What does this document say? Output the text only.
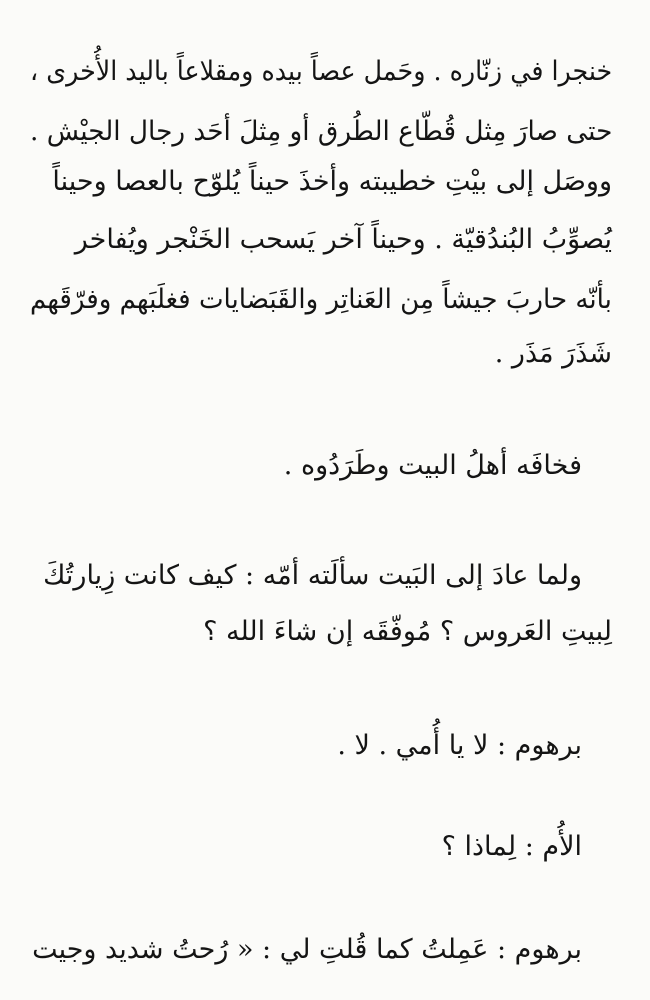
خنجرا في زنّاره . وحَمل عصاً بيده ومقلاعاً باليد الأُخرى ،
حتى صارَ مِثل قُطّاع الطُرق أو مِثلَ أحَد رجال الجيْش .
ووصَل إلى بيْتِ خطيبته وأخذَ حيناً يُلوّح بالعصا وحيناً
يُصوِّبُ البُندُقيّة . وحيناً آخر يَسحب الخَنْجر ويُفاخر
بأنّه حاربَ جيشاً مِن العَناتِر والقَبَضايات فغلَبَهم وفرّقَهم
شَذَرَ مَذَر .
فخافَه أهلُ البيت وطَرَدُوه .
ولما عادَ إلى البَيت سألَته أمّه : كيف كانت زِيارتُكَ
لِبيتِ العَروس ؟ مُوفّقَه إن شاءَ الله ؟
برهوم : لا يا أُمي . لا .
الأُم : لِماذا ؟
برهوم : عَمِلتُ كما قُلتِ لي : « رُحتُ شديد وجيت
